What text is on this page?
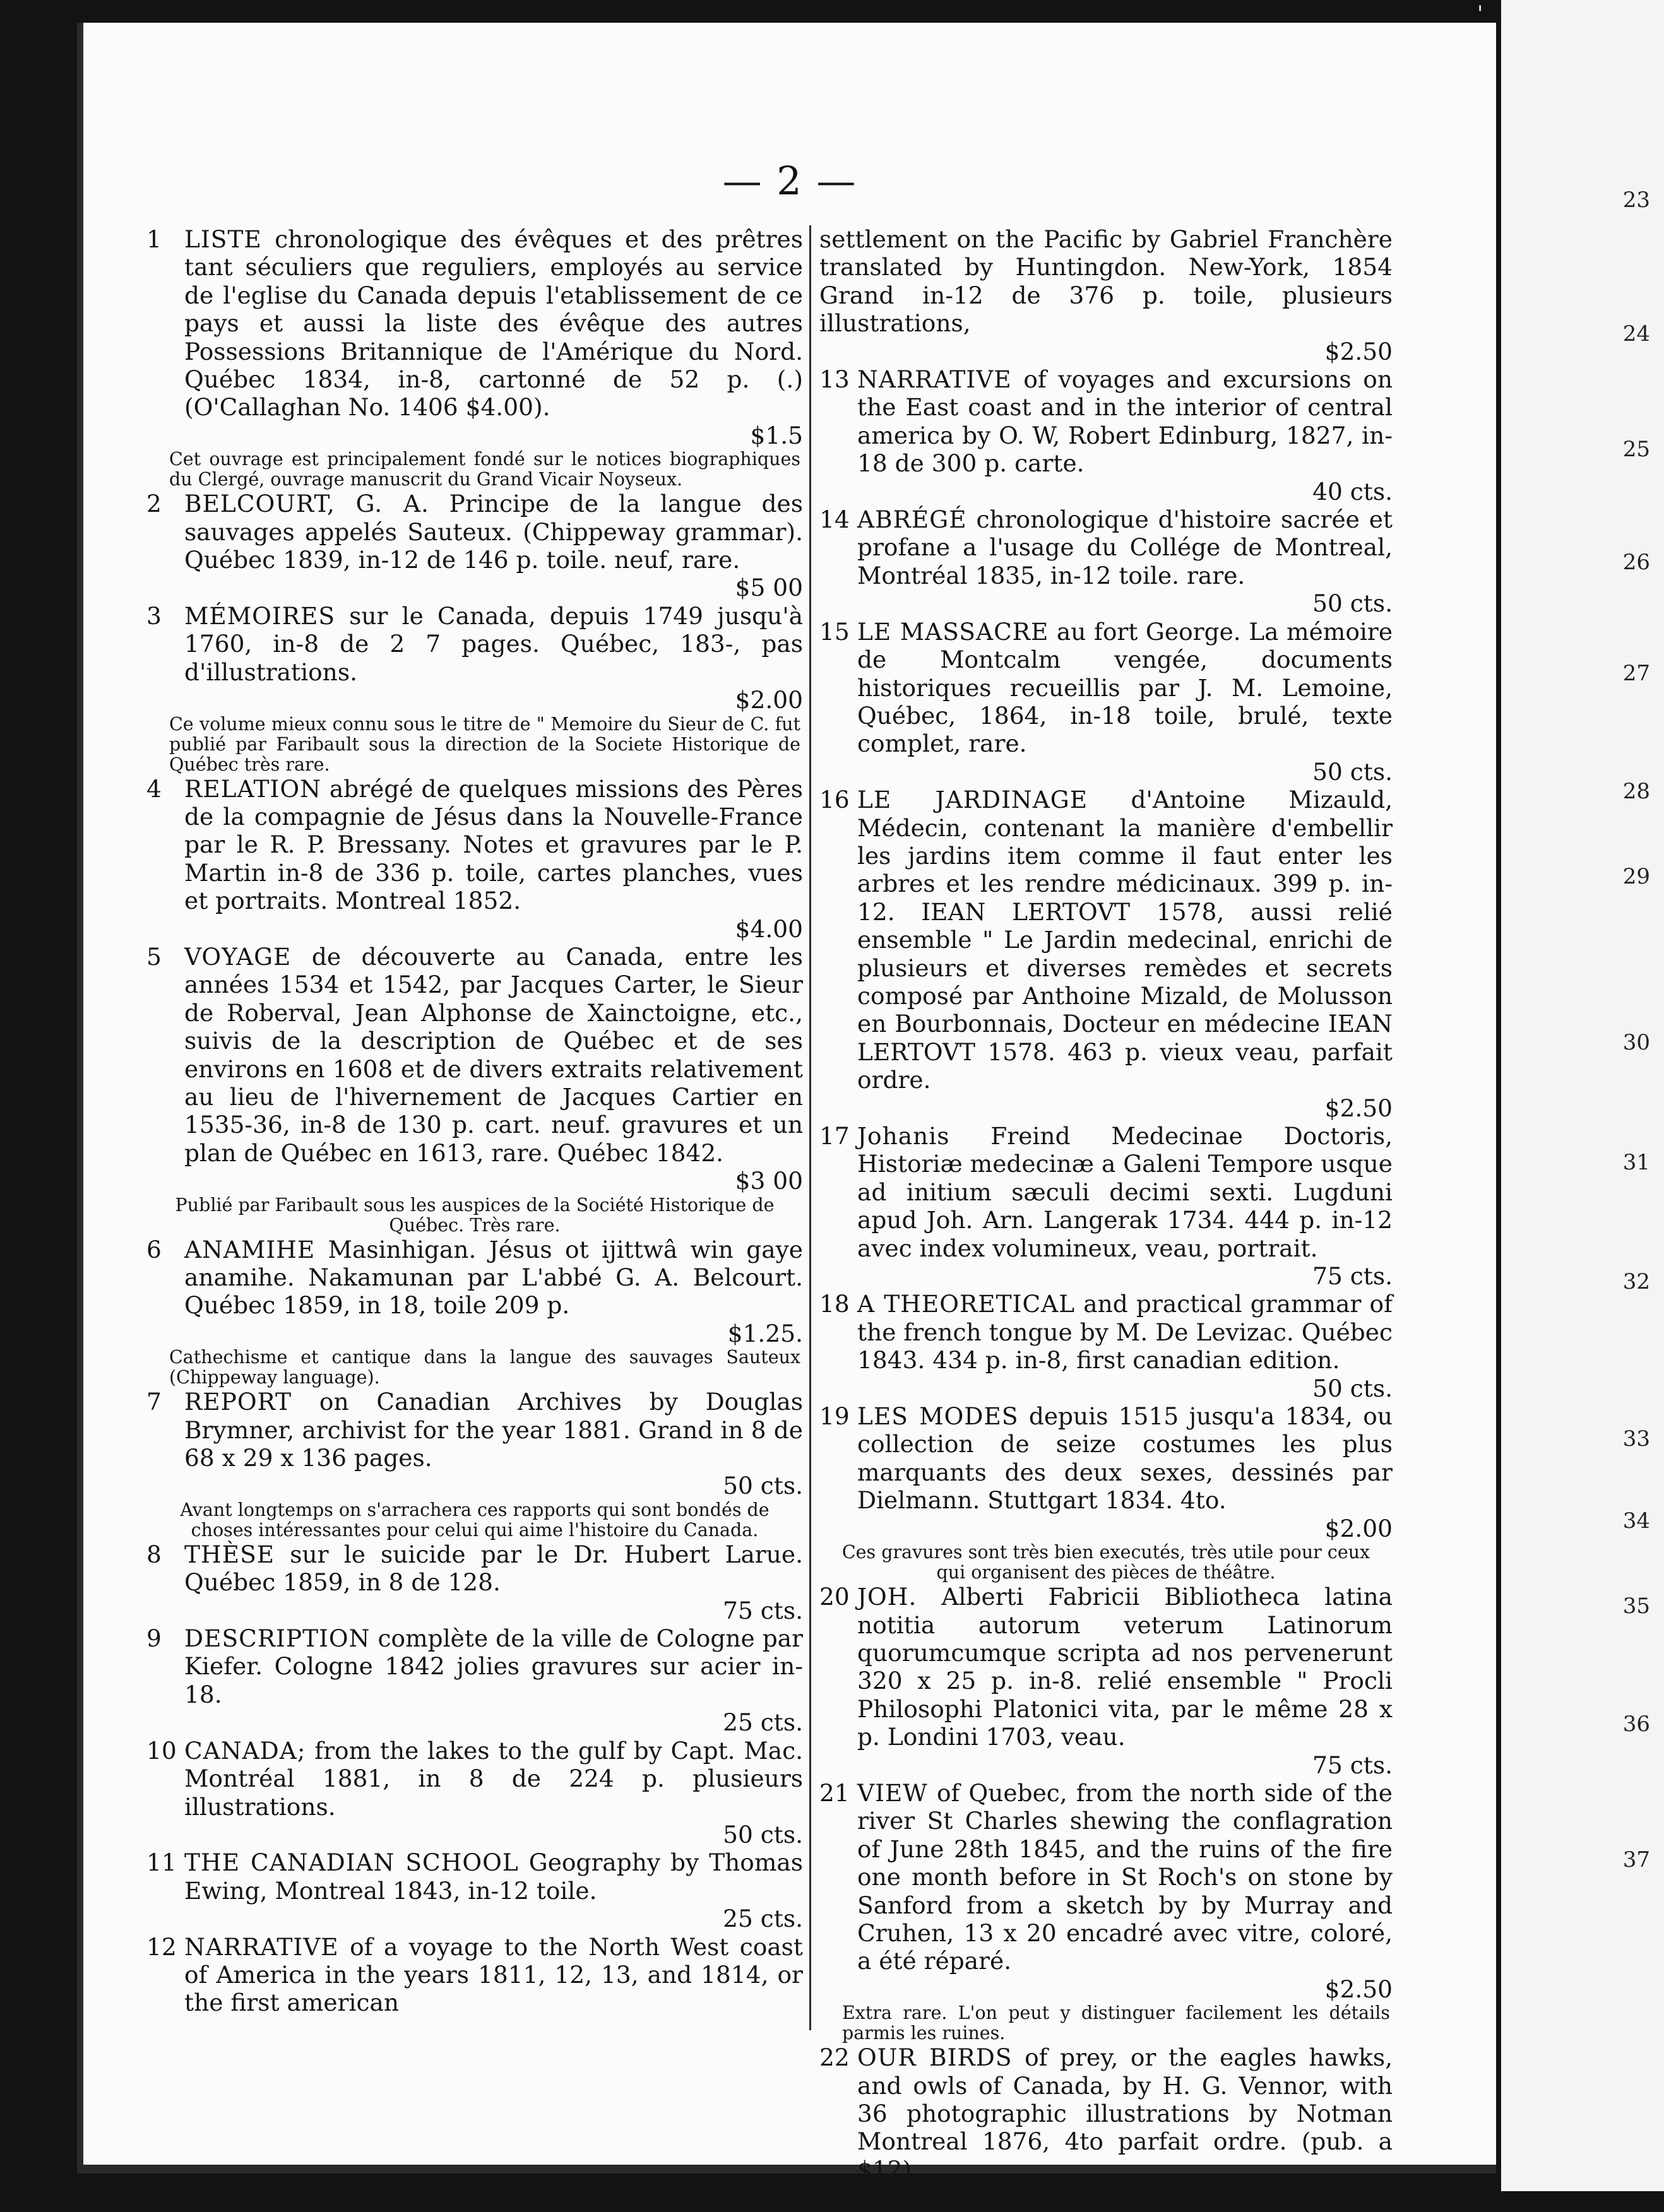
— 2 —
'
1 LISTE chronologique des évêques et des prêtres tant séculiers que reguliers, employés au service de l'eglise du Canada depuis l'etablissement de ce pays et aussi la liste des évêque des autres Possessions Britannique de l'Amérique du Nord. Québec 1834, in-8, cartonné de 52 p. (.) (O'Callaghan No. 1406 $4.00).
$1.5
Cet ouvrage est principalement fondé sur le notices biographiques du Clergé, ouvrage manuscrit du Grand Vicair Noyseux.
2 BELCOURT, G. A. Principe de la langue des sauvages appelés Sauteux. (Chippeway grammar). Québec 1839, in-12 de 146 p. toile. neuf, rare.
$5 00
3 MÉMOIRES sur le Canada, depuis 1749 jusqu'à 1760, in-8 de 2 7 pages. Québec, 183-, pas d'illustrations.
$2.00
Ce volume mieux connu sous le titre de " Memoire du Sieur de C. fut publié par Faribault sous la direction de la Societe Historique de Québec très rare.
4 RELATION abrégé de quelques missions des Pères de la compagnie de Jésus dans la Nouvelle-France par le R. P. Bressany. Notes et gravures par le P. Martin in-8 de 336 p. toile, cartes planches, vues et portraits. Montreal 1852.
$4.00
5 VOYAGE de découverte au Canada, entre les années 1534 et 1542, par Jacques Carter, le Sieur de Roberval, Jean Alphonse de Xainctoigne, etc., suivis de la description de Québec et de ses environs en 1608 et de divers extraits relativement au lieu de l'hivernement de Jacques Cartier en 1535-36, in-8 de 130 p. cart. neuf. gravures et un plan de Québec en 1613, rare. Québec 1842.
$3 00
Publié par Faribault sous les auspices de la Société Historique de Québec. Très rare.
6 ANAMIHE Masinhigan. Jésus ot ijittwâ win gaye anamihe. Nakamunan par L'abbé G. A. Belcourt. Québec 1859, in 18, toile 209 p.
$1.25.
Cathechisme et cantique dans la langue des sauvages Sauteux (Chippeway language).
7 REPORT on Canadian Archives by Douglas Brymner, archivist for the year 1881. Grand in 8 de 68 x 29 x 136 pages.
50 cts.
Avant longtemps on s'arrachera ces rapports qui sont bondés de choses intéressantes pour celui qui aime l'histoire du Canada.
8 THÈSE sur le suicide par le Dr. Hubert Larue. Québec 1859, in 8 de 128.
75 cts.
9 DESCRIPTION complète de la ville de Cologne par Kiefer. Cologne 1842 jolies gravures sur acier in-18.
25 cts.
10 CANADA; from the lakes to the gulf by Capt. Mac. Montréal 1881, in 8 de 224 p. plusieurs illustrations.
50 cts.
11 THE CANADIAN SCHOOL Geography by Thomas Ewing, Montreal 1843, in-12 toile.
25 cts.
12 NARRATIVE of a voyage to the North West coast of America in the years 1811, 12, 13, and 1814, or the first american
settlement on the Pacific by Gabriel Franchère translated by Huntingdon. New-York, 1854 Grand in-12 de 376 p. toile, plusieurs illustrations,
$2.50
13 NARRATIVE of voyages and excursions on the East coast and in the interior of central america by O. W, Robert Edinburg, 1827, in-18 de 300 p. carte.
40 cts.
14 ABRÉGÉ chronologique d'histoire sacrée et profane a l'usage du Collége de Montreal, Montréal 1835, in-12 toile. rare.
50 cts.
15 LE MASSACRE au fort George. La mémoire de Montcalm vengée, documents historiques recueillis par J. M. Lemoine, Québec, 1864, in-18 toile, brulé, texte complet, rare.
50 cts.
16 LE JARDINAGE d'Antoine Mizauld, Médecin, contenant la manière d'embellir les jardins item comme il faut enter les arbres et les rendre médicinaux. 399 p. in-12. IEAN LERTOVT 1578, aussi relié ensemble " Le Jardin medecinal, enrichi de plusieurs et diverses remèdes et secrets composé par Anthoine Mizald, de Molusson en Bourbonnais, Docteur en médecine IEAN LERTOVT 1578. 463 p. vieux veau, parfait ordre.
$2.50
17 Johanis Freind Medecinae Doctoris, Historiæ medecinæ a Galeni Tempore usque ad initium sæculi decimi sexti. Lugduni apud Joh. Arn. Langerak 1734. 444 p. in-12 avec index volumineux, veau, portrait.
75 cts.
18 A THEORETICAL and practical grammar of the french tongue by M. De Levizac. Québec 1843. 434 p. in-8, first canadian edition.
50 cts.
19 LES MODES depuis 1515 jusqu'a 1834, ou collection de seize costumes les plus marquants des deux sexes, dessinés par Dielmann. Stuttgart 1834. 4to.
$2.00
Ces gravures sont très bien executés, très utile pour ceux qui organisent des pièces de théâtre.
20 JOH. Alberti Fabricii Bibliotheca latina notitia autorum veterum Latinorum quorumcumque scripta ad nos pervenerunt 320 x 25 p. in-8. relié ensemble " Procli Philosophi Platonici vita, par le même 28 x p. Londini 1703, veau.
75 cts.
21 VIEW of Quebec, from the north side of the river St Charles shewing the conflagration of June 28th 1845, and the ruins of the fire one month before in St Roch's on stone by Sanford from a sketch by by Murray and Cruhen, 13 x 20 encadré avec vitre, coloré, a été réparé.
$2.50
Extra rare. L'on peut y distinguer facilement les détails parmis les ruines.
22 OUR BIRDS of prey, or the eagles hawks, and owls of Canada, by H. G. Vennor, with 36 photographic illustrations by Notman Montreal 1876, 4to parfait ordre. (pub. a $12)
$6.00
23
24
25
26
27
28
29
30
31
32
33
34
35
36
37
